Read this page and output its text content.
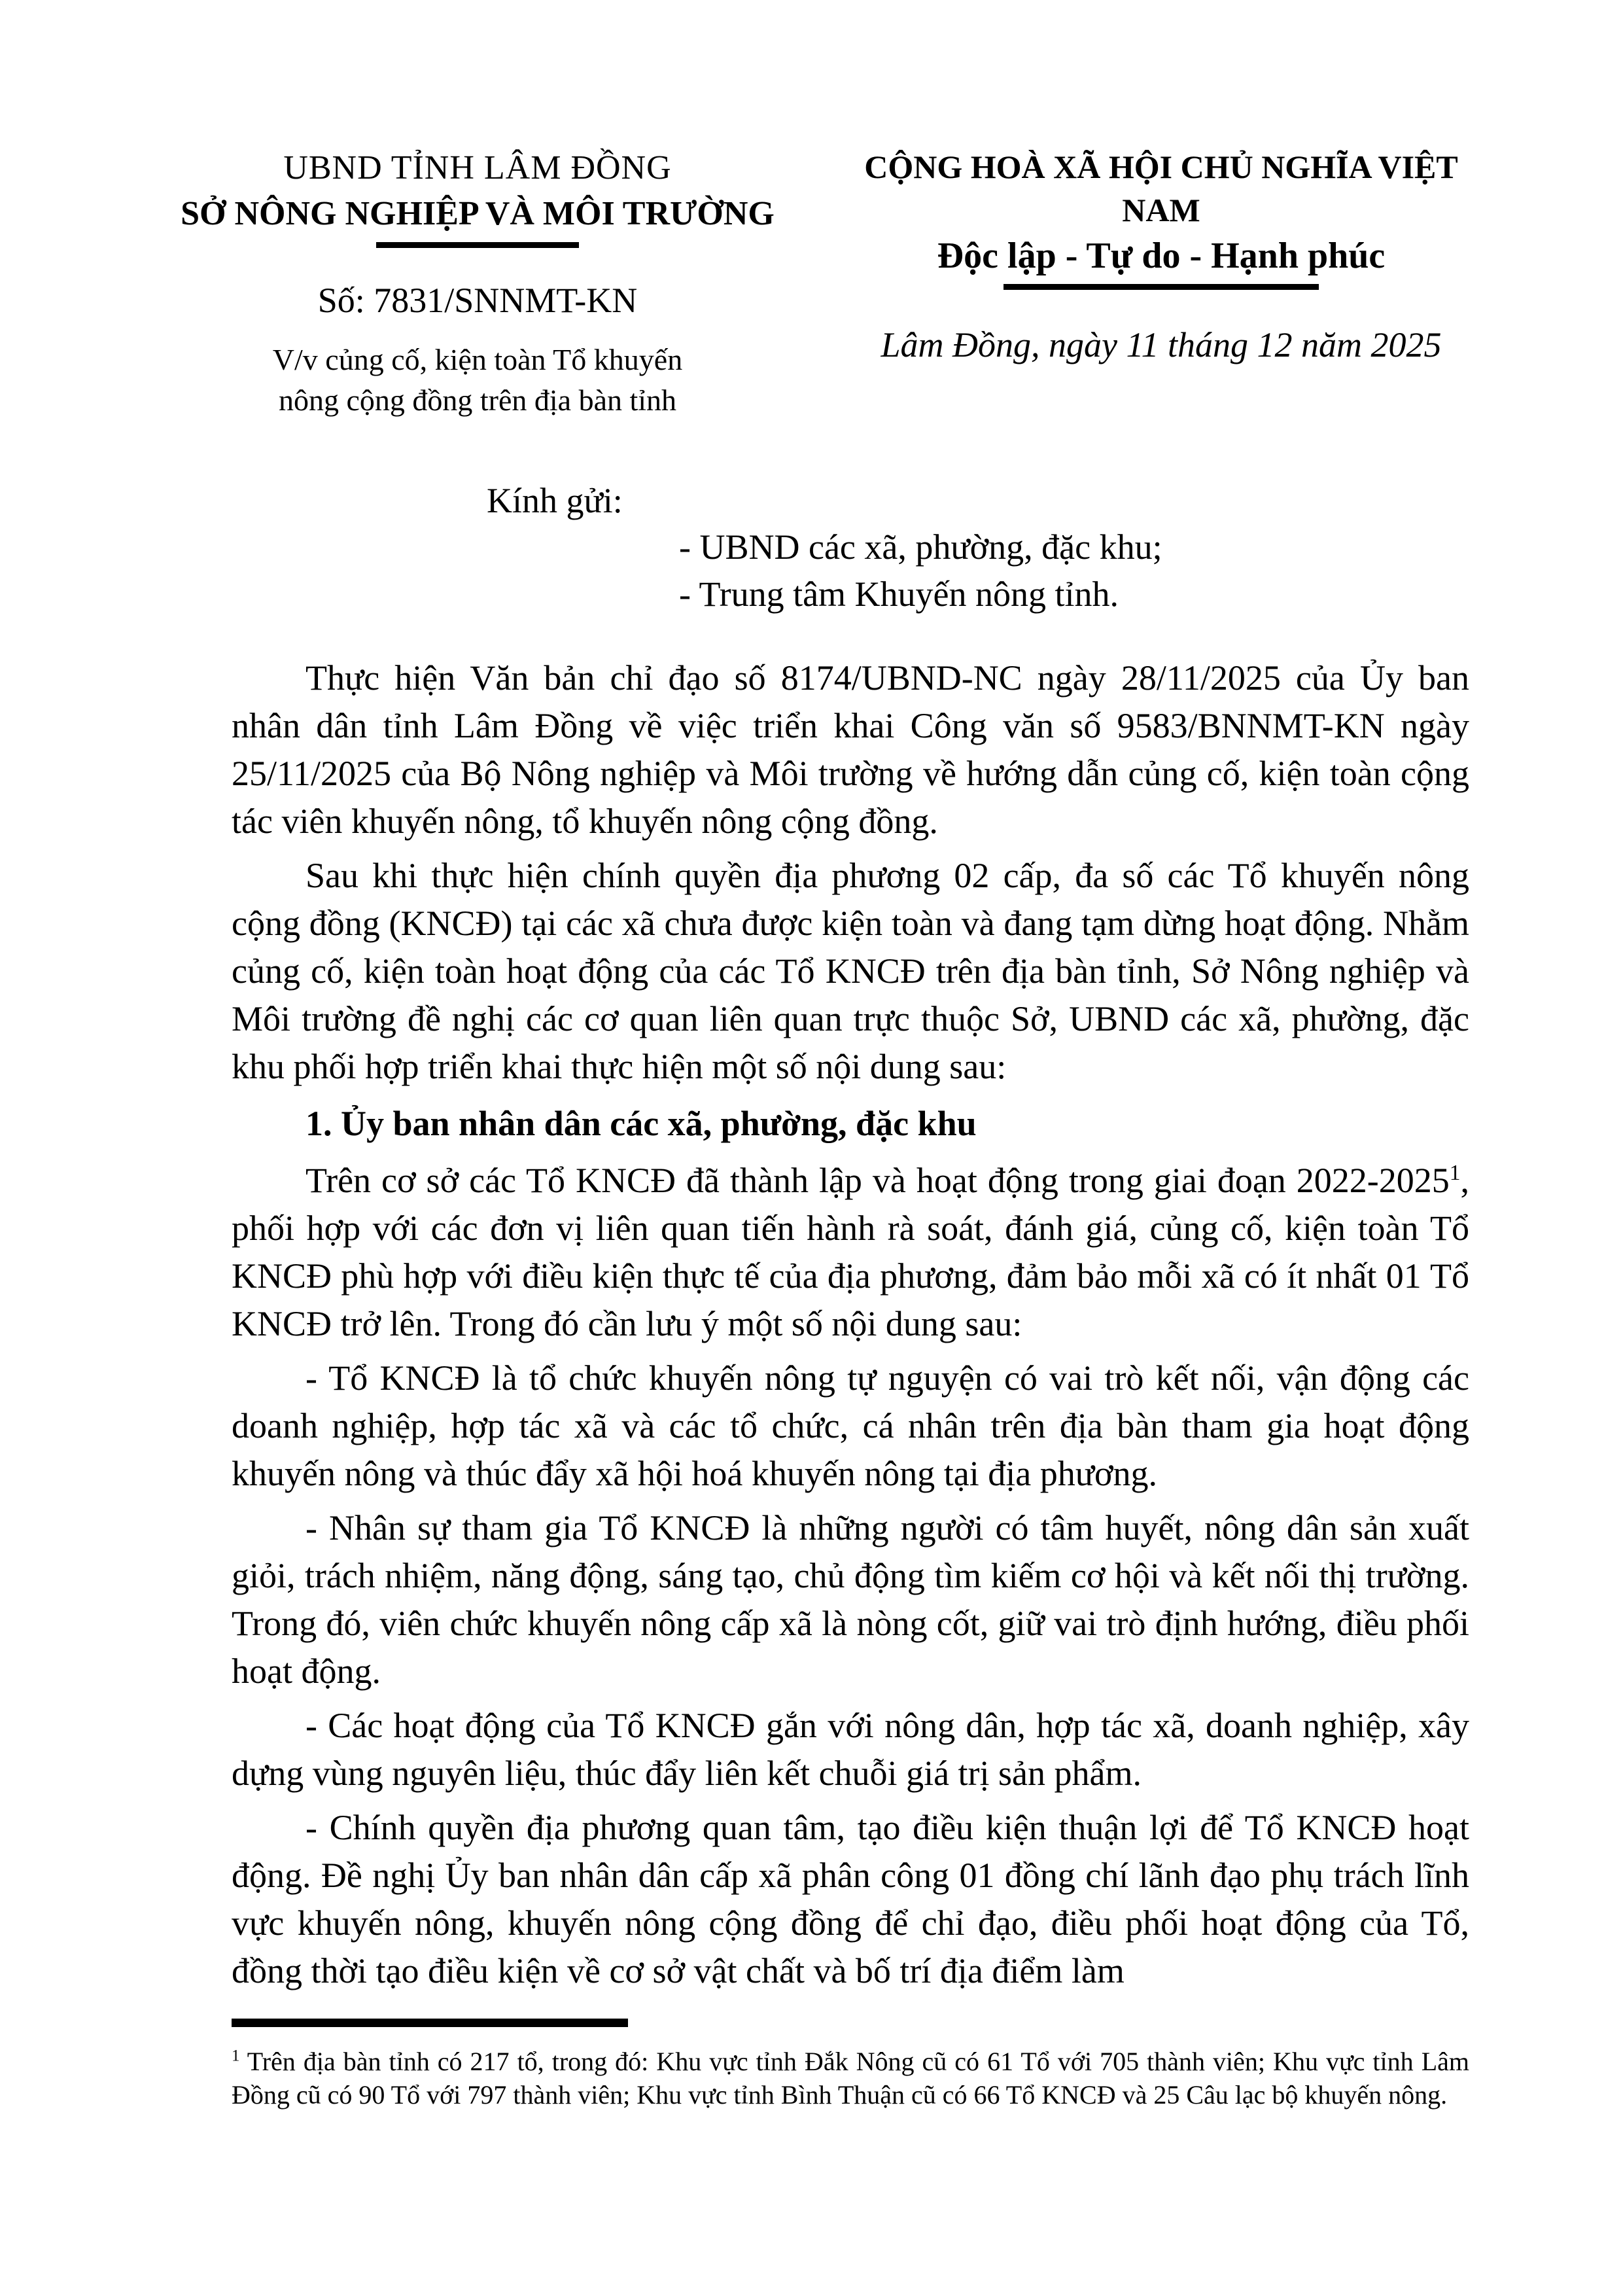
UBND TỈNH LÂM ĐỒNG
SỞ NÔNG NGHIỆP VÀ MÔI TRƯỜNG
Số: 7831/SNNMT-KN
V/v củng cố, kiện toàn Tổ khuyến
nông cộng đồng trên địa bàn tỉnh
CỘNG HOÀ XÃ HỘI CHỦ NGHĨA VIỆT NAM
Độc lập - Tự do - Hạnh phúc
Lâm Đồng, ngày 11 tháng 12 năm 2025
Kính gửi:
- UBND các xã, phường, đặc khu;
- Trung tâm Khuyến nông tỉnh.

Thực hiện Văn bản chỉ đạo số 8174/UBND-NC ngày 28/11/2025 của Ủy ban nhân dân tỉnh Lâm Đồng về việc triển khai Công văn số 9583/BNNMT-KN ngày 25/11/2025 của Bộ Nông nghiệp và Môi trường về hướng dẫn củng cố, kiện toàn cộng tác viên khuyến nông, tổ khuyến nông cộng đồng.

Sau khi thực hiện chính quyền địa phương 02 cấp, đa số các Tổ khuyến nông cộng đồng (KNCĐ) tại các xã chưa được kiện toàn và đang tạm dừng hoạt động. Nhằm củng cố, kiện toàn hoạt động của các Tổ KNCĐ trên địa bàn tỉnh, Sở Nông nghiệp và Môi trường đề nghị các cơ quan liên quan trực thuộc Sở, UBND các xã, phường, đặc khu phối hợp triển khai thực hiện một số nội dung sau:

1. Ủy ban nhân dân các xã, phường, đặc khu

Trên cơ sở các Tổ KNCĐ đã thành lập và hoạt động trong giai đoạn 2022-2025$^1$, phối hợp với các đơn vị liên quan tiến hành rà soát, đánh giá, củng cố, kiện toàn Tổ KNCĐ phù hợp với điều kiện thực tế của địa phương, đảm bảo mỗi xã có ít nhất 01 Tổ KNCĐ trở lên. Trong đó cần lưu ý một số nội dung sau:

- Tổ KNCĐ là tổ chức khuyến nông tự nguyện có vai trò kết nối, vận động các doanh nghiệp, hợp tác xã và các tổ chức, cá nhân trên địa bàn tham gia hoạt động khuyến nông và thúc đẩy xã hội hoá khuyến nông tại địa phương.

- Nhân sự tham gia Tổ KNCĐ là những người có tâm huyết, nông dân sản xuất giỏi, trách nhiệm, năng động, sáng tạo, chủ động tìm kiếm cơ hội và kết nối thị trường. Trong đó, viên chức khuyến nông cấp xã là nòng cốt, giữ vai trò định hướng, điều phối hoạt động.

- Các hoạt động của Tổ KNCĐ gắn với nông dân, hợp tác xã, doanh nghiệp, xây dựng vùng nguyên liệu, thúc đẩy liên kết chuỗi giá trị sản phẩm.

- Chính quyền địa phương quan tâm, tạo điều kiện thuận lợi để Tổ KNCĐ hoạt động. Đề nghị Ủy ban nhân dân cấp xã phân công 01 đồng chí lãnh đạo phụ trách lĩnh vực khuyến nông, khuyến nông cộng đồng để chỉ đạo, điều phối hoạt động của Tổ, đồng thời tạo điều kiện về cơ sở vật chất và bố trí địa điểm làm

$^1$ Trên địa bàn tỉnh có 217 tổ, trong đó: Khu vực tỉnh Đắk Nông cũ có 61 Tổ với 705 thành viên; Khu vực tỉnh Lâm Đồng cũ có 90 Tổ với 797 thành viên; Khu vực tỉnh Bình Thuận cũ có 66 Tổ KNCĐ và 25 Câu lạc bộ khuyến nông.
